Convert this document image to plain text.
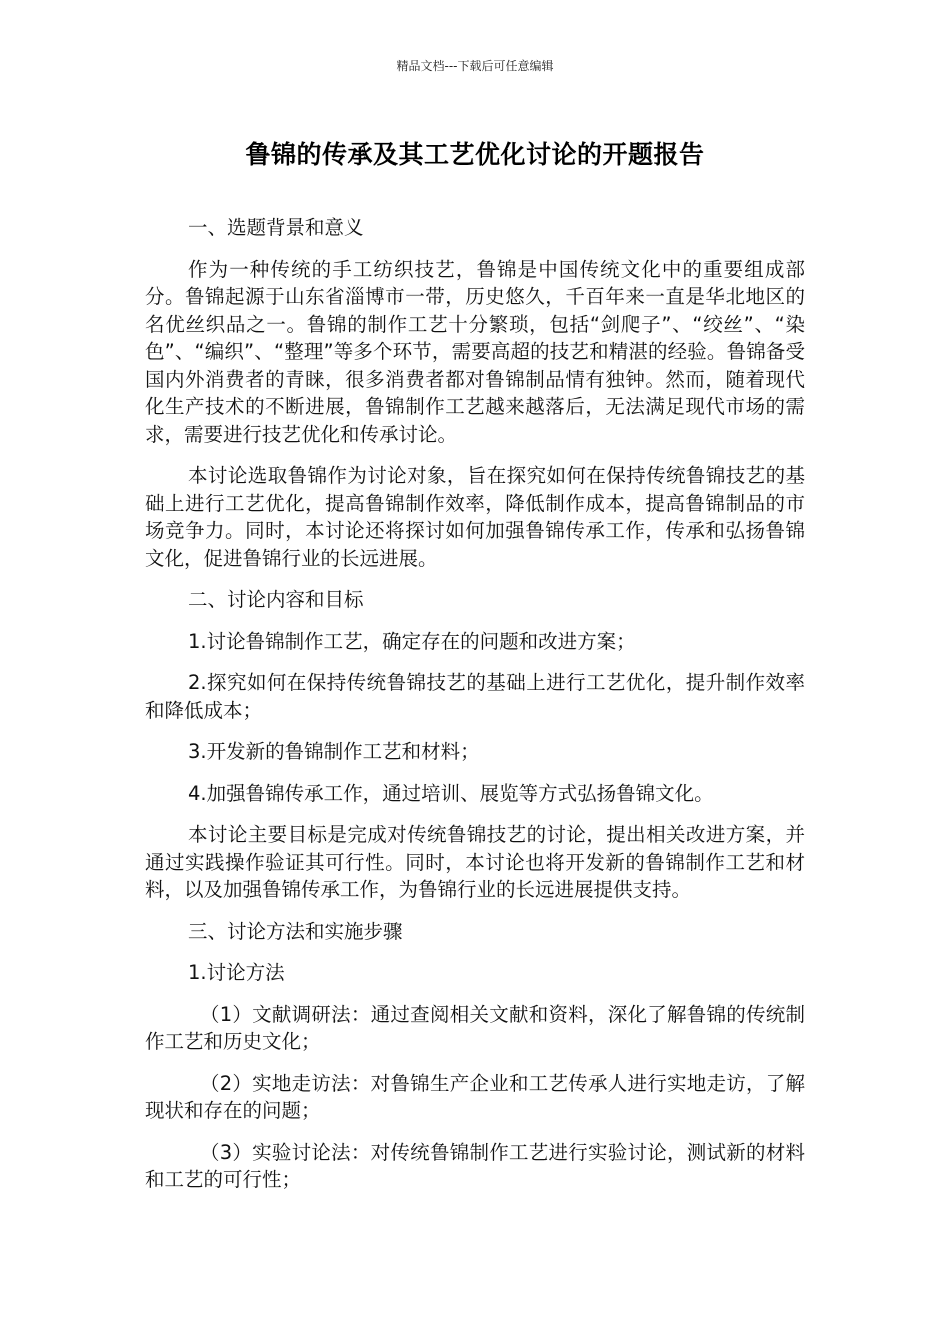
精品文档---下载后可任意编辑
鲁锦的传承及其工艺优化讨论的开题报告

一、选题背景和意义

作为一种传统的手工纺织技艺，鲁锦是中国传统文化中的重要组成部分。鲁锦起源于山东省淄博市一带，历史悠久，千百年来一直是华北地区的名优丝织品之一。鲁锦的制作工艺十分繁琐，包括“剑爬子”、“绞丝”、“染色”、“编织”、“整理”等多个环节，需要高超的技艺和精湛的经验。鲁锦备受国内外消费者的青睐，很多消费者都对鲁锦制品情有独钟。然而，随着现代化生产技术的不断进展，鲁锦制作工艺越来越落后，无法满足现代市场的需求，需要进行技艺优化和传承讨论。

本讨论选取鲁锦作为讨论对象，旨在探究如何在保持传统鲁锦技艺的基础上进行工艺优化，提高鲁锦制作效率，降低制作成本，提高鲁锦制品的市场竞争力。同时，本讨论还将探讨如何加强鲁锦传承工作，传承和弘扬鲁锦文化，促进鲁锦行业的长远进展。

二、讨论内容和目标

1.讨论鲁锦制作工艺，确定存在的问题和改进方案；

2.探究如何在保持传统鲁锦技艺的基础上进行工艺优化，提升制作效率和降低成本；

3.开发新的鲁锦制作工艺和材料；

4.加强鲁锦传承工作，通过培训、展览等方式弘扬鲁锦文化。

本讨论主要目标是完成对传统鲁锦技艺的讨论，提出相关改进方案，并通过实践操作验证其可行性。同时，本讨论也将开发新的鲁锦制作工艺和材料，以及加强鲁锦传承工作，为鲁锦行业的长远进展提供支持。

三、讨论方法和实施步骤

1.讨论方法

（1）文献调研法：通过查阅相关文献和资料，深化了解鲁锦的传统制作工艺和历史文化；

（2）实地走访法：对鲁锦生产企业和工艺传承人进行实地走访，了解现状和存在的问题；

（3）实验讨论法：对传统鲁锦制作工艺进行实验讨论，测试新的材料和工艺的可行性；
